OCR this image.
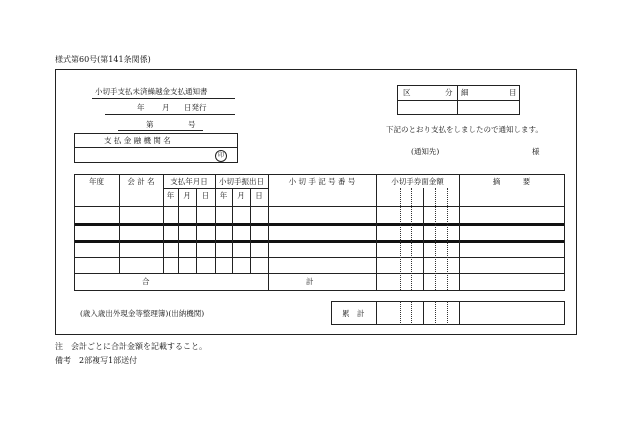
様式第60号(第141条関係)
小切手支払未済繰越金支払通知書
年 月 日発行
第	号
支 払 金 融 機 関 名
印
区	分 細	目
下記のとおり支払をしましたので通知します。
(通知先)	様
年度	会 計 名	支払年月日	小切手振出日	小 切 手 記 号 番 号	小切手券面金額	摘　　　要
年	月	日	年	月	日
合	計
累　計
(歳入歳出外現金等整理簿)(出納機関)
注　会計ごとに合計金額を記載すること。
備考　2部複写1部送付
